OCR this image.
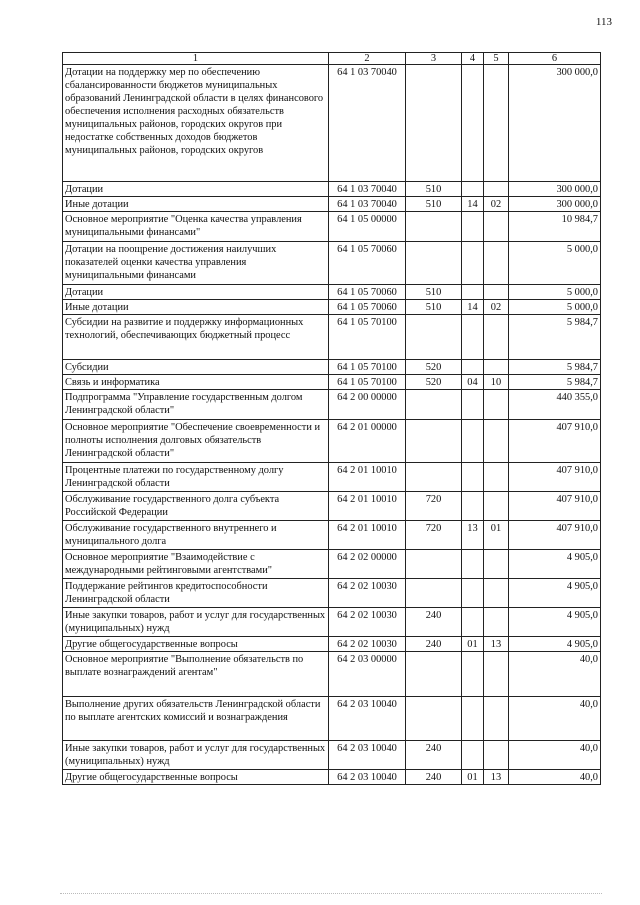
113
1	2	3	4	5	6
Дотации на поддержку мер по обеспечению сбалансированности бюджетов муниципальных образований Ленинградской области в целях финансового обеспечения исполнения расходных обязательств муниципальных районов, городских округов при недостатке собственных доходов бюджетов муниципальных районов, городских округов	64 1 03 70040				300 000,0
Дотации	64 1 03 70040	510			300 000,0
Иные дотации	64 1 03 70040	510	14	02	300 000,0
Основное мероприятие "Оценка качества управления муниципальными финансами"	64 1 05 00000				10 984,7
Дотации на поощрение достижения наилучших показателей оценки качества управления муниципальными финансами	64 1 05 70060				5 000,0
Дотации	64 1 05 70060	510			5 000,0
Иные дотации	64 1 05 70060	510	14	02	5 000,0
Субсидии на развитие и поддержку информационных технологий, обеспечивающих бюджетный процесс	64 1 05 70100				5 984,7
Субсидии	64 1 05 70100	520			5 984,7
Связь и информатика	64 1 05 70100	520	04	10	5 984,7
Подпрограмма "Управление государственным долгом Ленинградской области"	64 2 00 00000				440 355,0
Основное мероприятие "Обеспечение своевременности и полноты исполнения долговых обязательств Ленинградской области"	64 2 01 00000				407 910,0
Процентные платежи по государственному долгу Ленинградской области	64 2 01 10010				407 910,0
Обслуживание государственного долга субъекта Российской Федерации	64 2 01 10010	720			407 910,0
Обслуживание государственного внутреннего и муниципального долга	64 2 01 10010	720	13	01	407 910,0
Основное мероприятие "Взаимодействие с международными рейтинговыми агентствами"	64 2 02 00000				4 905,0
Поддержание рейтингов кредитоспособности Ленинградской области	64 2 02 10030				4 905,0
Иные закупки товаров, работ и услуг для государственных (муниципальных) нужд	64 2 02 10030	240			4 905,0
Другие общегосударственные вопросы	64 2 02 10030	240	01	13	4 905,0
Основное мероприятие "Выполнение обязательств по выплате вознаграждений агентам"	64 2 03 00000				40,0
Выполнение других обязательств Ленинградской области по выплате агентских комиссий и вознаграждения	64 2 03 10040				40,0
Иные закупки товаров, работ и услуг для государственных (муниципальных) нужд	64 2 03 10040	240			40,0
Другие общегосударственные вопросы	64 2 03 10040	240	01	13	40,0
